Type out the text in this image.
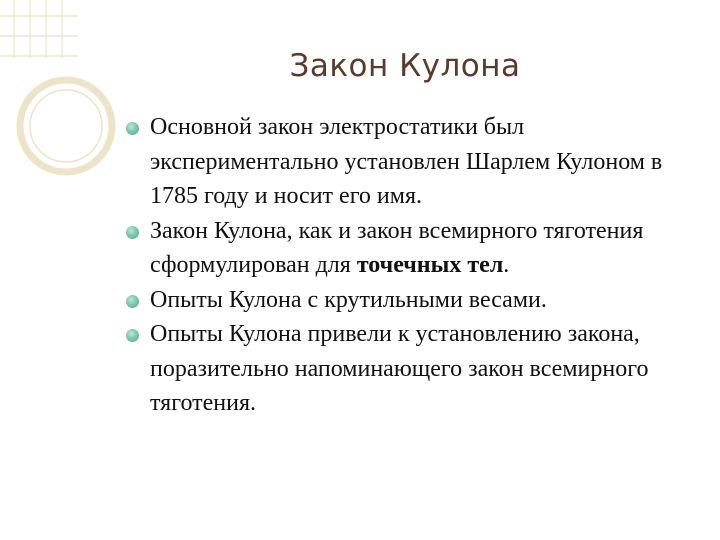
Закон Кулона
Основной закон электростатики был экспериментально установлен Шарлем Кулоном в 1785 году и носит его имя.
Закон Кулона, как и закон всемирного тяготения сформулирован для точечных тел.
Опыты Кулона с крутильными весами.
Опыты Кулона привели к установлению закона, поразительно напоминающего закон всемирного тяготения.
